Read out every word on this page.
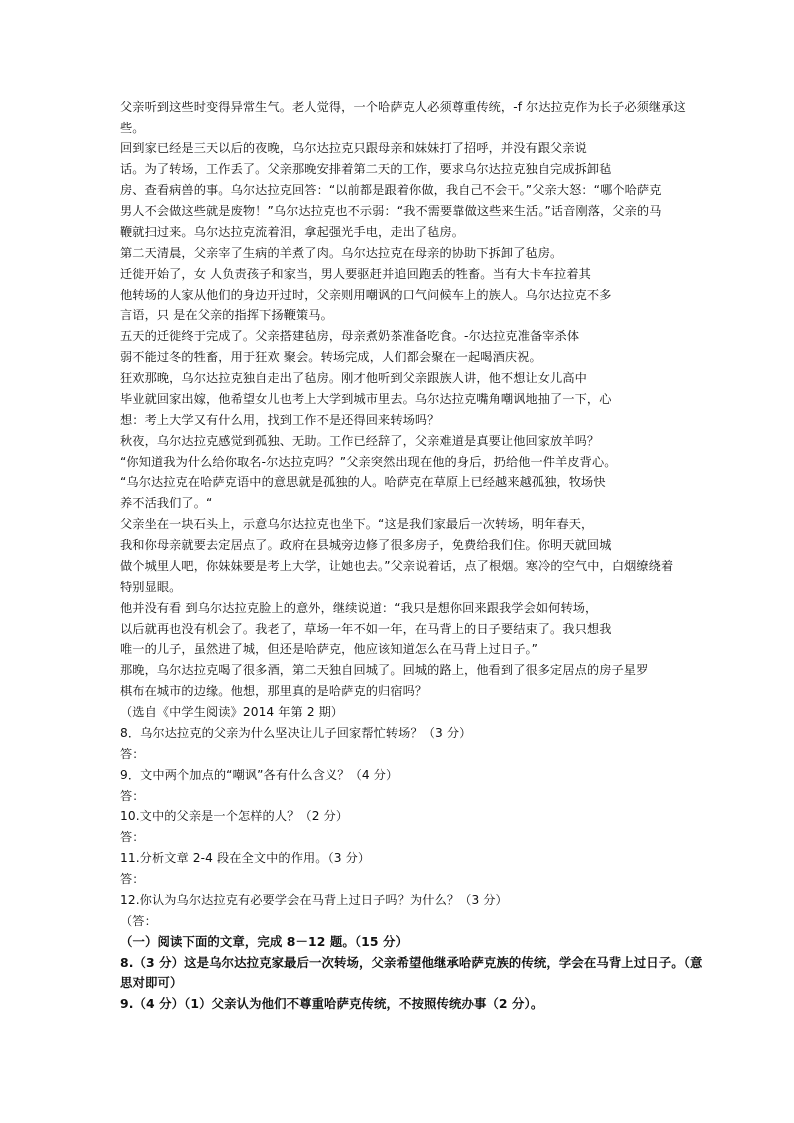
父亲听到这些时变得异常生气。老人觉得，一个哈萨克人必须尊重传统，-f 尔达拉克作为长子必须继承这
些。
回到家已经是三天以后的夜晚，乌尔达拉克只跟母亲和妹妹打了招呼，并没有跟父亲说
话。为了转场，工作丢了。父亲那晚安排着第二天的工作，要求乌尔达拉克独自完成拆卸毡
房、查看病兽的事。乌尔达拉克回答：“以前都是跟着你做，我自己不会干。”父亲大怒：“哪个哈萨克
男人不会做这些就是废物！”乌尔达拉克也不示弱：“我不需要靠做这些来生活。”话音刚落，父亲的马
鞭就扫过来。乌尔达拉克流着泪，拿起强光手电，走出了毡房。
第二天清晨，父亲宰了生病的羊煮了肉。乌尔达拉克在母亲的协助下拆卸了毡房。
迁徙开始了，女 人负责孩子和家当，男人要驱赶并追回跑丢的牲畜。当有大卡车拉着其
他转场的人家从他们的身边开过时，父亲则用嘲讽的口气问候车上的族人。乌尔达拉克不多
言语，只 是在父亲的指挥下扬鞭策马。
五天的迁徙终于完成了。父亲搭建毡房，母亲煮奶茶准备吃食。-尔达拉克准备宰杀体
弱不能过冬的牲畜，用于狂欢 聚会。转场完成，人们都会聚在一起喝酒庆祝。
狂欢那晚，乌尔达拉克独自走出了毡房。刚才他听到父亲跟族人讲，他不想让女儿高中
毕业就回家出嫁，他希望女儿也考上大学到城市里去。乌尔达拉克嘴角嘲讽地抽了一下，心
想：考上大学又有什么用，找到工作不是还得回来转场吗？
秋夜，乌尔达拉克感觉到孤独、无助。工作已经辞了，父亲难道是真要让他回家放羊吗？
“你知道我为什么给你取名-尔达拉克吗？”父亲突然出现在他的身后，扔给他一件羊皮背心。
“乌尔达拉克在哈萨克语中的意思就是孤独的人。哈萨克在草原上已经越来越孤独，牧场快
养不活我们了。“
父亲坐在一块石头上，示意乌尔达拉克也坐下。“这是我们家最后一次转场，明年春天，
我和你母亲就要去定居点了。政府在县城旁边修了很多房子，免费给我们住。你明天就回城
做个城里人吧，你妹妹要是考上大学，让她也去。”父亲说着话，点了根烟。寒冷的空气中，白烟缭绕着
特别显眼。
他并没有看 到乌尔达拉克脸上的意外，继续说道：“我只是想你回来跟我学会如何转场，
以后就再也没有机会了。我老了，草场一年不如一年，在马背上的日子要结束了。我只想我
唯一的儿子，虽然进了城，但还是哈萨克，他应该知道怎么在马背上过日子。”
那晚，乌尔达拉克喝了很多酒，第二天独自回城了。回城的路上，他看到了很多定居点的房子星罗
棋布在城市的边缘。他想，那里真的是哈萨克的归宿吗？
（选自《中学生阅读》2014 年第 2 期）
8．乌尔达拉克的父亲为什么坚决让儿子回家帮忙转场？（3 分）
答：
9．文中两个加点的“嘲讽”各有什么含义？（4 分）
答：
10.文中的父亲是一个怎样的人？（2 分）
答：
11.分析文章 2-4 段在全文中的作用。（3 分）
答：
12.你认为乌尔达拉克有必要学会在马背上过日子吗？为什么？（3 分）
（答：
（一）阅读下面的文章，完成 8－12 题。（15 分）
8.（3 分）这是乌尔达拉克家最后一次转场，父亲希望他继承哈萨克族的传统，学会在马背上过日子。（意
思对即可）
9.（4 分）（1）父亲认为他们不尊重哈萨克传统，不按照传统办事（2 分）。
